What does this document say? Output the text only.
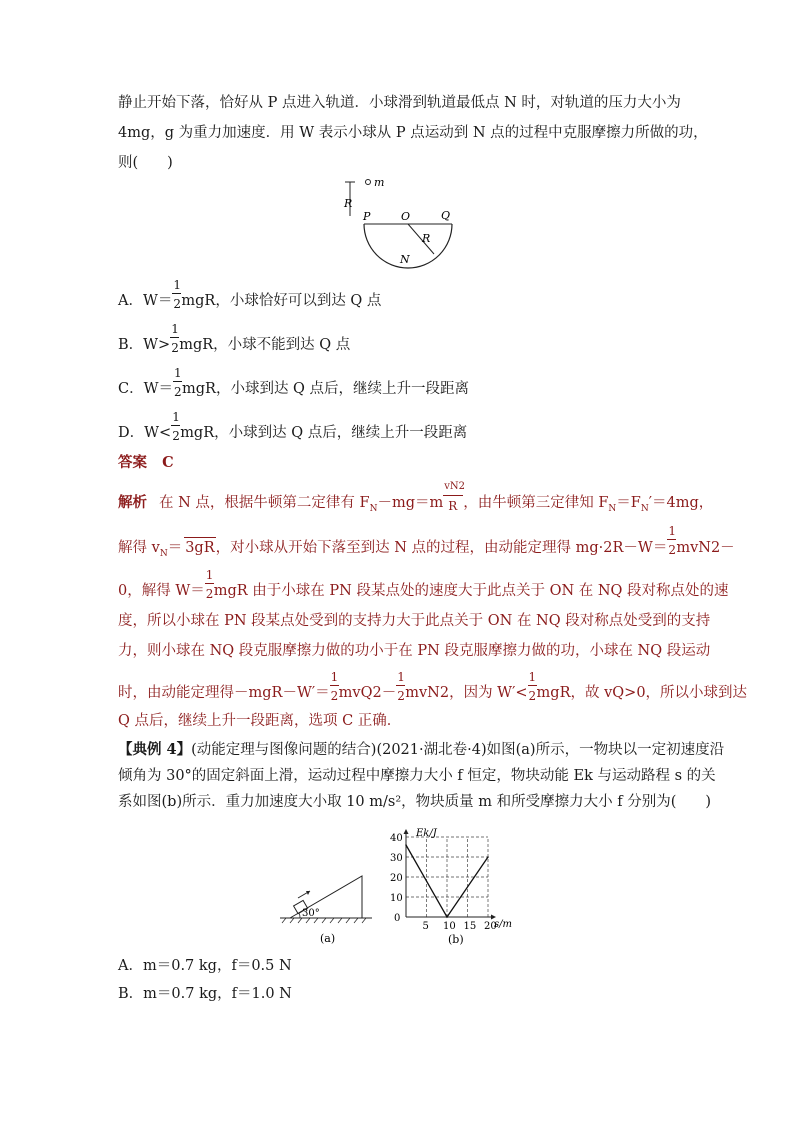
静止开始下落，恰好从 P 点进入轨道．小球滑到轨道最低点 N 时，对轨道的压力大小为
4mg，g 为重力加速度．用 W 表示小球从 P 点运动到 N 点的过程中克服摩擦力所做的功，
则(　　)
m
R
P	O	Q
R
N
A．$W= \frac{1}{2}$ mgR，小球恰好可以到达 Q 点
B．$W> \frac{1}{2}$ mgR，小球不能到达 Q 点
C．$W= \frac{1}{2}$ mgR，小球到达 Q 点后，继续上升一段距离
D．$W< \frac{1}{2}$ mgR，小球到达 Q 点后，继续上升一段距离
答案 C
解析 在 N 点，根据牛顿第二定律有 $F_N-mg=m \frac{vN2}{R}$ ，由牛顿第三定律知 $F_N=F_N'=4mg$，
解得 $v_N= 3gR$，对小球从开始下落至到达 N 点的过程，由动能定理得 $mg\cdot 2R-W= \frac{1}{2} mvN2-$
0，解得 $W= \frac{1}{2}$ mgR 由于小球在 PN 段某点处的速度大于此点关于 ON 在 NQ 段对称点处的速
度，所以小球在 PN 段某点处受到的支持力大于此点关于 ON 在 NQ 段对称点处受到的支持
力，则小球在 NQ 段克服摩擦力做的功小于在 PN 段克服摩擦力做的功，小球在 NQ 段运动
时，由动能定理得$-mgR-W'= \frac{1}{2} mvQ2- \frac{1}{2} mvN2$，因为 $W'< \frac{1}{2}$ mgR，故 vQ>0，所以小球到达
Q 点后，继续上升一段距离，选项 C 正确．
【典例 4】(动能定理与图像问题的结合)(2021·湖北卷·4)如图(a)所示，一物块以一定初速度沿
倾角为 30°的固定斜面上滑，运动过程中摩擦力大小 f 恒定，物块动能 Ek 与运动路程 s 的关
系如图(b)所示．重力加速度大小取 10 m/s²，物块质量 m 和所受摩擦力大小 f 分别为(　　)
30°
(a)
5 10 15 20
10
20
30
40
0
Ek/J
s/m
(b)
A．m＝0.7 kg，f＝0.5 N
B．m＝0.7 kg，f＝1.0 N
